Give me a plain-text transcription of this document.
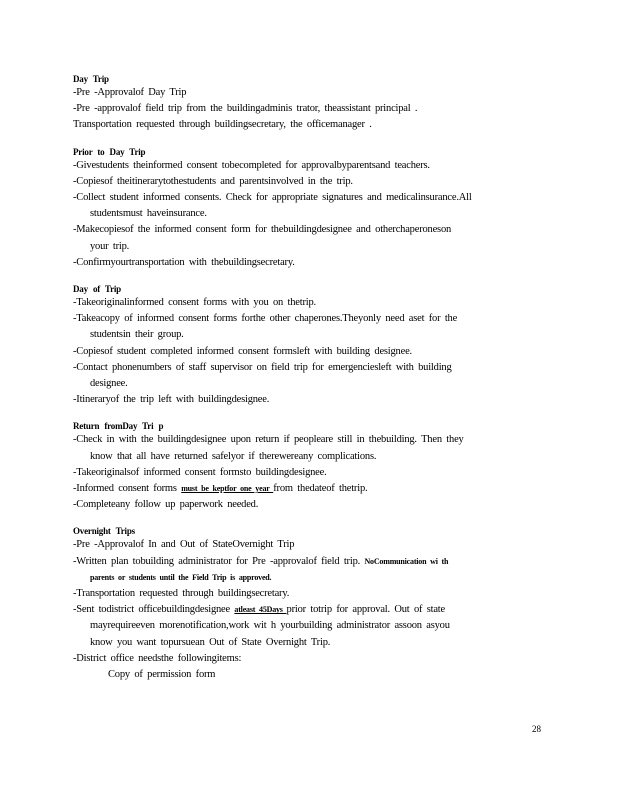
Day Trip
-Pre -Approvalof Day Trip
-Pre -approvalof field trip from the buildingadminis trator, theassistant principal .
Transportation requested through buildingsecretary, the officemanager .
Prior to Day Trip
-Givestudents theinformed consent tobecompleted for approvalbyparentsand teachers.
-Copiesof theitinerarytothestudents and parentsinvolved in the trip.
-Collect student informed consents. Check for appropriate signatures and medicalinsurance.All
studentsmust haveinsurance.
-Makecopiesof the informed consent form for thebuildingdesignee and otherchaperoneson
your trip.
-Confirmyourtransportation with thebuildingsecretary.
Day of Trip
-Takeoriginalinformed consent forms with you on thetrip.
-Takeacopy of informed consent forms forthe other chaperones.Theyonly need aset for the
studentsin their group.
-Copiesof student completed informed consent formsleft with building designee.
-Contact phonenumbers of staff supervisor on field trip for emergenciesleft with building
designee.
-Itineraryof the trip left with buildingdesignee.
Return fromDay Tri p
-Check in with the buildingdesignee upon return if peopleare still in thebuilding. Then they
know that all have returned safelyor if therewereany complications.
-Takeoriginalsof informed consent formsto buildingdesignee.
-Informed consent forms must be keptfor one year from thedateof thetrip.
-Completeany follow up paperwork needed.
Overnight Trips
-Pre -Approvalof In and Out of StateOvernight Trip
-Written plan tobuilding administrator for Pre -approvalof field trip. NoCommunication wi th
parents or students until the Field Trip is approved.
-Transportation requested through buildingsecretary.
-Sent todistrict officebuildingdesignee atleast 45Days prior totrip for approval. Out of state
mayrequireeven morenotification,work wit h yourbuilding administrator assoon asyou
know you want topursuean Out of State Overnight Trip.
-District office needsthe followingitems:
Copy of permission form
28
